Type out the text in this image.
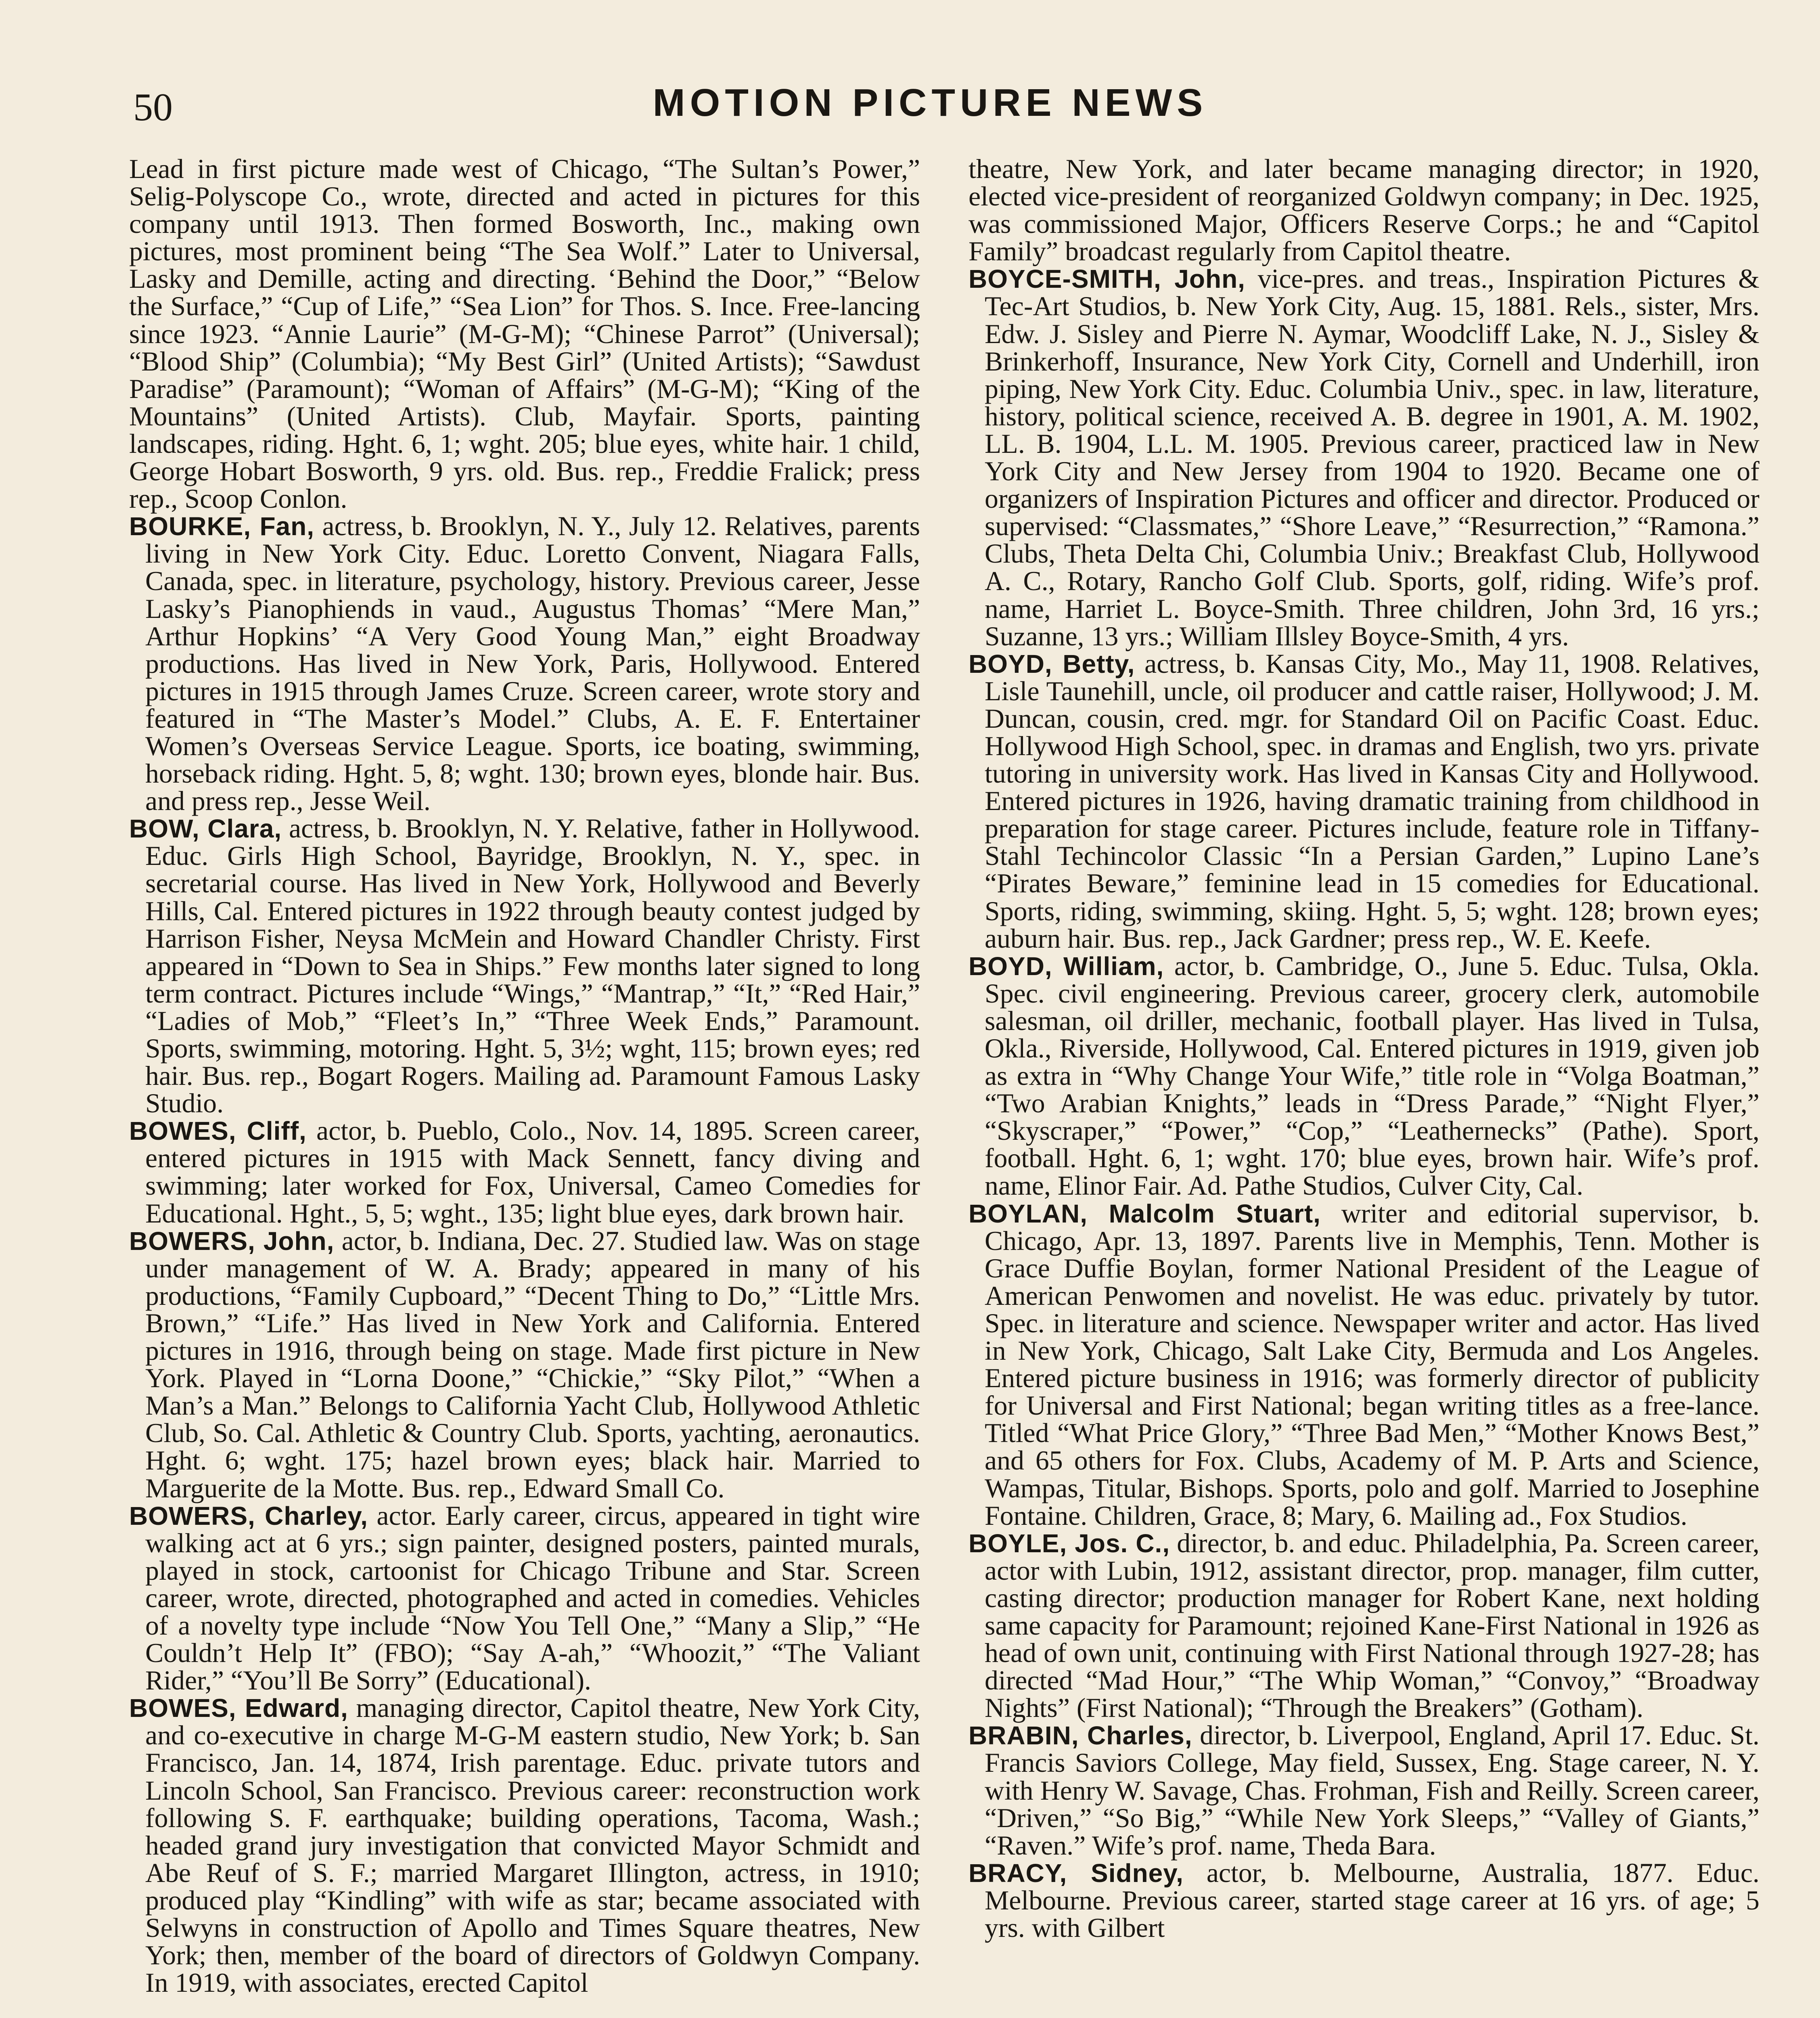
50	MOTION PICTURE NEWS

Lead in first picture made west of Chicago, “The Sultan’s Power,” Selig-Polyscope Co., wrote, directed and acted in pictures for this company until 1913. Then formed Bosworth, Inc., making own pictures, most prominent being “The Sea Wolf.” Later to Universal, Lasky and Demille, acting and directing. ‘Behind the Door,” “Below the Surface,” “Cup of Life,” “Sea Lion” for Thos. S. Ince. Free-lancing since 1923. “Annie Laurie” (M-G-M); “Chinese Parrot” (Universal); “Blood Ship” (Columbia); “My Best Girl” (United Artists); “Sawdust Paradise” (Paramount); “Woman of Affairs” (M-G-M); “King of the Mountains” (United Artists). Club, Mayfair. Sports, painting landscapes, riding. Hght. 6, 1; wght. 205; blue eyes, white hair. 1 child, George Hobart Bosworth, 9 yrs. old. Bus. rep., Freddie Fralick; press rep., Scoop Conlon.

BOURKE, Fan, actress, b. Brooklyn, N. Y., July 12. Relatives, parents living in New York City. Educ. Loretto Convent, Niagara Falls, Canada, spec. in literature, psychology, history. Previous career, Jesse Lasky’s Pianophiends in vaud., Augustus Thomas’ “Mere Man,” Arthur Hopkins’ “A Very Good Young Man,” eight Broadway productions. Has lived in New York, Paris, Hollywood. Entered pictures in 1915 through James Cruze. Screen career, wrote story and featured in “The Master’s Model.” Clubs, A. E. F. Entertainer Women’s Overseas Service League. Sports, ice boating, swimming, horseback riding. Hght. 5, 8; wght. 130; brown eyes, blonde hair. Bus. and press rep., Jesse Weil.

BOW, Clara, actress, b. Brooklyn, N. Y. Relative, father in Hollywood. Educ. Girls High School, Bayridge, Brooklyn, N. Y., spec. in secretarial course. Has lived in New York, Hollywood and Beverly Hills, Cal. Entered pictures in 1922 through beauty contest judged by Harrison Fisher, Neysa McMein and Howard Chandler Christy. First appeared in “Down to Sea in Ships.” Few months later signed to long term contract. Pictures include “Wings,” “Mantrap,” “It,” “Red Hair,” “Ladies of Mob,” “Fleet’s In,” “Three Week Ends,” Paramount. Sports, swimming, motoring. Hght. 5, 3½; wght, 115; brown eyes; red hair. Bus. rep., Bogart Rogers. Mailing ad. Paramount Famous Lasky Studio.

BOWES, Cliff, actor, b. Pueblo, Colo., Nov. 14, 1895. Screen career, entered pictures in 1915 with Mack Sennett, fancy diving and swimming; later worked for Fox, Universal, Cameo Comedies for Educational. Hght., 5, 5; wght., 135; light blue eyes, dark brown hair.

BOWERS, John, actor, b. Indiana, Dec. 27. Studied law. Was on stage under management of W. A. Brady; appeared in many of his productions, “Family Cupboard,” “Decent Thing to Do,” “Little Mrs. Brown,” “Life.” Has lived in New York and California. Entered pictures in 1916, through being on stage. Made first picture in New York. Played in “Lorna Doone,” “Chickie,” “Sky Pilot,” “When a Man’s a Man.” Belongs to California Yacht Club, Hollywood Athletic Club, So. Cal. Athletic & Country Club. Sports, yachting, aeronautics. Hght. 6; wght. 175; hazel brown eyes; black hair. Married to Marguerite de la Motte. Bus. rep., Edward Small Co.

BOWERS, Charley, actor. Early career, circus, appeared in tight wire walking act at 6 yrs.; sign painter, designed posters, painted murals, played in stock, cartoonist for Chicago Tribune and Star. Screen career, wrote, directed, photographed and acted in comedies. Vehicles of a novelty type include “Now You Tell One,” “Many a Slip,” “He Couldn’t Help It” (FBO); “Say A-ah,” “Whoozit,” “The Valiant Rider,” “You’ll Be Sorry” (Educational).

BOWES, Edward, managing director, Capitol theatre, New York City, and co-executive in charge M-G-M eastern studio, New York; b. San Francisco, Jan. 14, 1874, Irish parentage. Educ. private tutors and Lincoln School, San Francisco. Previous career: reconstruction work following S. F. earthquake; building operations, Tacoma, Wash.; headed grand jury investigation that convicted Mayor Schmidt and Abe Reuf of S. F.; married Margaret Illington, actress, in 1910; produced play “Kindling” with wife as star; became associated with Selwyns in construction of Apollo and Times Square theatres, New York; then, member of the board of directors of Goldwyn Company. In 1919, with associates, erected Capitol

theatre, New York, and later became managing director; in 1920, elected vice-president of reorganized Goldwyn company; in Dec. 1925, was commissioned Major, Officers Reserve Corps.; he and “Capitol Family” broadcast regularly from Capitol theatre.

BOYCE-SMITH, John, vice-pres. and treas., Inspiration Pictures & Tec-Art Studios, b. New York City, Aug. 15, 1881. Rels., sister, Mrs. Edw. J. Sisley and Pierre N. Aymar, Woodcliff Lake, N. J., Sisley & Brinkerhoff, Insurance, New York City, Cornell and Underhill, iron piping, New York City. Educ. Columbia Univ., spec. in law, literature, history, political science, received A. B. degree in 1901, A. M. 1902, LL. B. 1904, L.L. M. 1905. Previous career, practiced law in New York City and New Jersey from 1904 to 1920. Became one of organizers of Inspiration Pictures and officer and director. Produced or supervised: “Classmates,” “Shore Leave,” “Resurrection,” “Ramona.” Clubs, Theta Delta Chi, Columbia Univ.; Breakfast Club, Hollywood A. C., Rotary, Rancho Golf Club. Sports, golf, riding. Wife’s prof. name, Harriet L. Boyce-Smith. Three children, John 3rd, 16 yrs.; Suzanne, 13 yrs.; William Illsley Boyce-Smith, 4 yrs.

BOYD, Betty, actress, b. Kansas City, Mo., May 11, 1908. Relatives, Lisle Taunehill, uncle, oil producer and cattle raiser, Hollywood; J. M. Duncan, cousin, cred. mgr. for Standard Oil on Pacific Coast. Educ. Hollywood High School, spec. in dramas and English, two yrs. private tutoring in university work. Has lived in Kansas City and Hollywood. Entered pictures in 1926, having dramatic training from childhood in preparation for stage career. Pictures include, feature role in Tiffany-Stahl Techincolor Classic “In a Persian Garden,” Lupino Lane’s “Pirates Beware,” feminine lead in 15 comedies for Educational. Sports, riding, swimming, skiing. Hght. 5, 5; wght. 128; brown eyes; auburn hair. Bus. rep., Jack Gardner; press rep., W. E. Keefe.

BOYD, William, actor, b. Cambridge, O., June 5. Educ. Tulsa, Okla. Spec. civil engineering. Previous career, grocery clerk, automobile salesman, oil driller, mechanic, football player. Has lived in Tulsa, Okla., Riverside, Hollywood, Cal. Entered pictures in 1919, given job as extra in “Why Change Your Wife,” title role in “Volga Boatman,” “Two Arabian Knights,” leads in “Dress Parade,” “Night Flyer,” “Skyscraper,” “Power,” “Cop,” “Leathernecks” (Pathe). Sport, football. Hght. 6, 1; wght. 170; blue eyes, brown hair. Wife’s prof. name, Elinor Fair. Ad. Pathe Studios, Culver City, Cal.

BOYLAN, Malcolm Stuart, writer and editorial supervisor, b. Chicago, Apr. 13, 1897. Parents live in Memphis, Tenn. Mother is Grace Duffie Boylan, former National President of the League of American Penwomen and novelist. He was educ. privately by tutor. Spec. in literature and science. Newspaper writer and actor. Has lived in New York, Chicago, Salt Lake City, Bermuda and Los Angeles. Entered picture business in 1916; was formerly director of publicity for Universal and First National; began writing titles as a free-lance. Titled “What Price Glory,” “Three Bad Men,” “Mother Knows Best,” and 65 others for Fox. Clubs, Academy of M. P. Arts and Science, Wampas, Titular, Bishops. Sports, polo and golf. Married to Josephine Fontaine. Children, Grace, 8; Mary, 6. Mailing ad., Fox Studios.

BOYLE, Jos. C., director, b. and educ. Philadelphia, Pa. Screen career, actor with Lubin, 1912, assistant director, prop. manager, film cutter, casting director; production manager for Robert Kane, next holding same capacity for Paramount; rejoined Kane-First National in 1926 as head of own unit, continuing with First National through 1927-28; has directed “Mad Hour,” “The Whip Woman,” “Convoy,” “Broadway Nights” (First National); “Through the Breakers” (Gotham).

BRABIN, Charles, director, b. Liverpool, England, April 17. Educ. St. Francis Saviors College, May field, Sussex, Eng. Stage career, N. Y. with Henry W. Savage, Chas. Frohman, Fish and Reilly. Screen career, “Driven,” “So Big,” “While New York Sleeps,” “Valley of Giants,” “Raven.” Wife’s prof. name, Theda Bara.

BRACY, Sidney, actor, b. Melbourne, Australia, 1877. Educ. Melbourne. Previous career, started stage career at 16 yrs. of age; 5 yrs. with Gilbert
